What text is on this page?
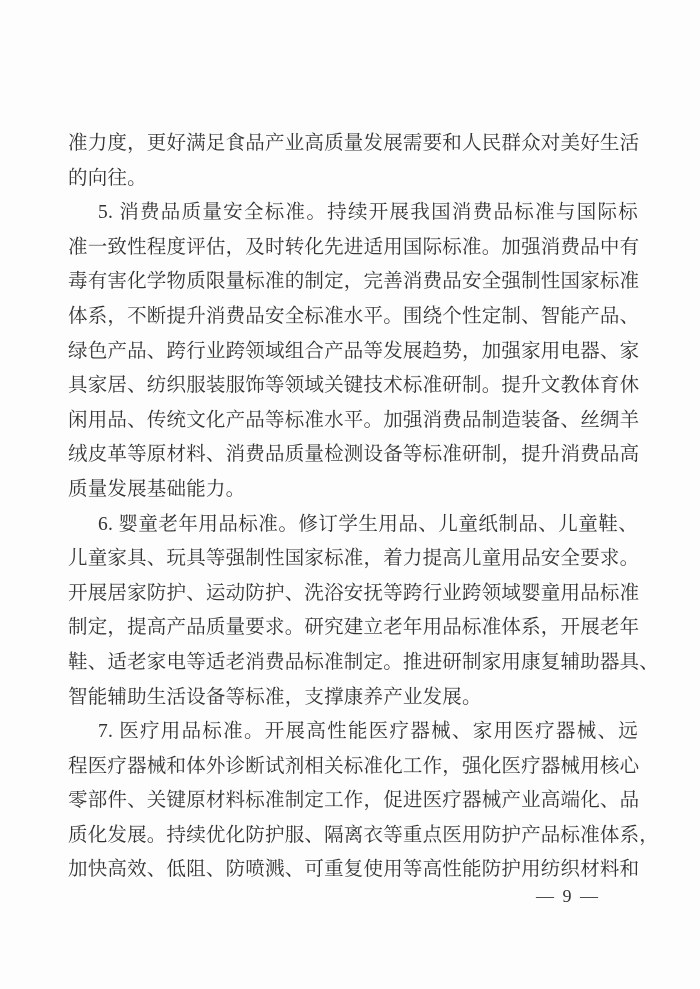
准力度，更好满足食品产业高质量发展需要和人民群众对美好生活
的向往。
5. 消费品质量安全标准。持续开展我国消费品标准与国际标
准一致性程度评估，及时转化先进适用国际标准。加强消费品中有
毒有害化学物质限量标准的制定，完善消费品安全强制性国家标准
体系，不断提升消费品安全标准水平。围绕个性定制、智能产品、
绿色产品、跨行业跨领域组合产品等发展趋势，加强家用电器、家
具家居、纺织服装服饰等领域关键技术标准研制。提升文教体育休
闲用品、传统文化产品等标准水平。加强消费品制造装备、丝绸羊
绒皮革等原材料、消费品质量检测设备等标准研制，提升消费品高
质量发展基础能力。
6. 婴童老年用品标准。修订学生用品、儿童纸制品、儿童鞋、
儿童家具、玩具等强制性国家标准，着力提高儿童用品安全要求。
开展居家防护、运动防护、洗浴安抚等跨行业跨领域婴童用品标准
制定，提高产品质量要求。研究建立老年用品标准体系，开展老年
鞋、适老家电等适老消费品标准制定。推进研制家用康复辅助器具、
智能辅助生活设备等标准，支撑康养产业发展。
7. 医疗用品标准。开展高性能医疗器械、家用医疗器械、远
程医疗器械和体外诊断试剂相关标准化工作，强化医疗器械用核心
零部件、关键原材料标准制定工作，促进医疗器械产业高端化、品
质化发展。持续优化防护服、隔离衣等重点医用防护产品标准体系，
加快高效、低阻、防喷溅、可重复使用等高性能防护用纺织材料和
— 9 —
